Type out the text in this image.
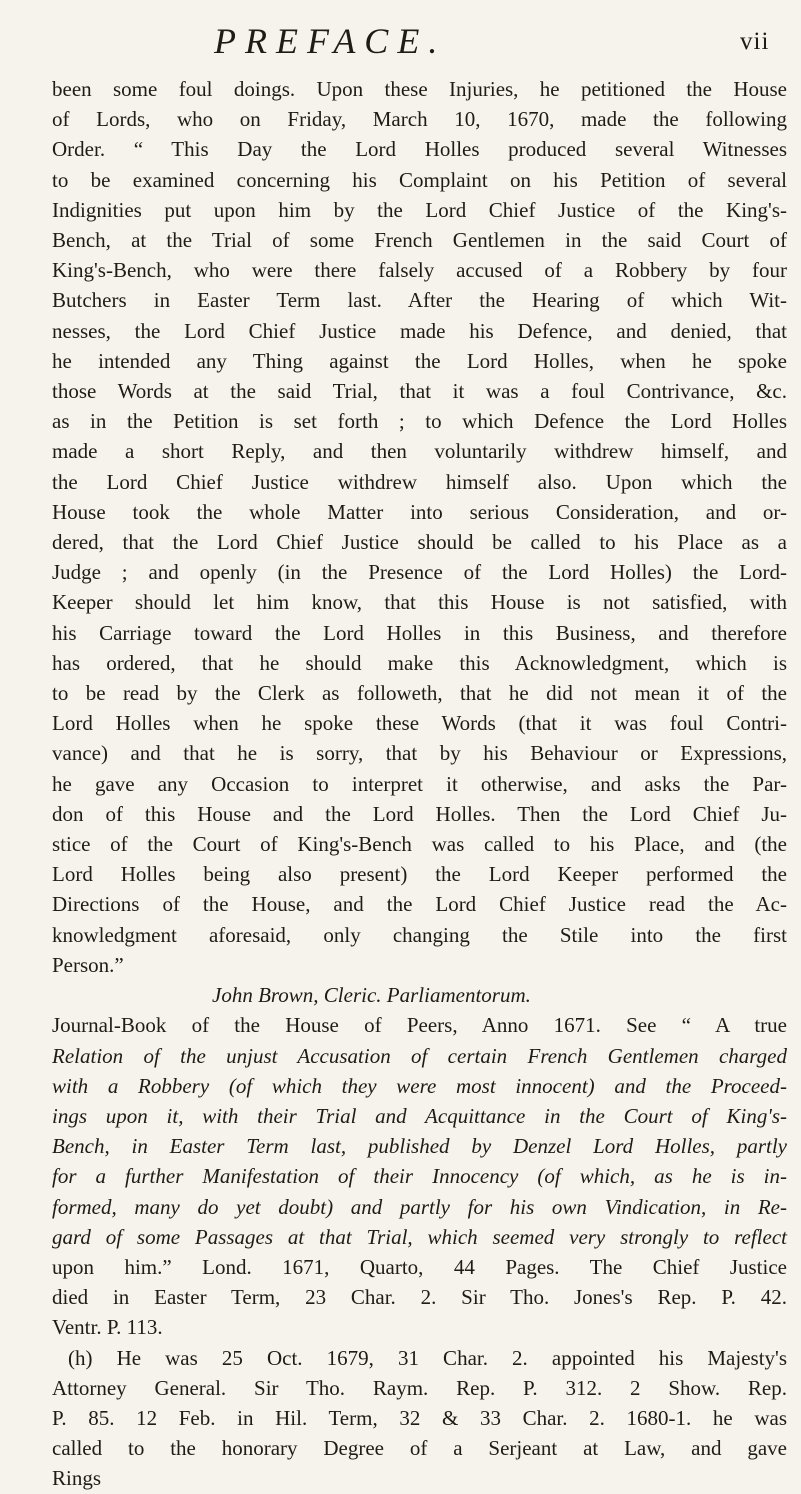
PREFACE.	vii

been some foul doings. Upon these Injuries, he petitioned the House

of Lords, who on Friday, March 10, 1670, made the following

Order. “ This Day the Lord Holles produced several Witnesses

to be examined concerning his Complaint on his Petition of several

Indignities put upon him by the Lord Chief Justice of the King's-

Bench, at the Trial of some French Gentlemen in the said Court of

King's-Bench, who were there falsely accused of a Robbery by four

Butchers in Easter Term last. After the Hearing of which Wit-

nesses, the Lord Chief Justice made his Defence, and denied, that

he intended any Thing against the Lord Holles, when he spoke

those Words at the said Trial, that it was a foul Contrivance, &c.

as in the Petition is set forth ; to which Defence the Lord Holles

made a short Reply, and then voluntarily withdrew himself, and

the Lord Chief Justice withdrew himself also. Upon which the

House took the whole Matter into serious Consideration, and or-

dered, that the Lord Chief Justice should be called to his Place as a

Judge ; and openly (in the Presence of the Lord Holles) the Lord-

Keeper should let him know, that this House is not satisfied, with

his Carriage toward the Lord Holles in this Business, and therefore

has ordered, that he should make this Acknowledgment, which is

to be read by the Clerk as followeth, that he did not mean it of the

Lord Holles when he spoke these Words (that it was foul Contri-

vance) and that he is sorry, that by his Behaviour or Expressions,

he gave any Occasion to interpret it otherwise, and asks the Par-

don of this House and the Lord Holles. Then the Lord Chief Ju-

stice of the Court of King's-Bench was called to his Place, and (the

Lord Holles being also present) the Lord Keeper performed the

Directions of the House, and the Lord Chief Justice read the Ac-

knowledgment aforesaid, only changing the Stile into the first

Person.”

John Brown, Cleric. Parliamentorum.

Journal-Book of the House of Peers, Anno 1671. See “ A true

Relation of the unjust Accusation of certain French Gentlemen charged

with a Robbery (of which they were most innocent) and the Proceed-

ings upon it, with their Trial and Acquittance in the Court of King's-

Bench, in Easter Term last, published by Denzel Lord Holles, partly

for a further Manifestation of their Innocency (of which, as he is in-

formed, many do yet doubt) and partly for his own Vindication, in Re-

gard of some Passages at that Trial, which seemed very strongly to reflect

upon him.” Lond. 1671, Quarto, 44 Pages. The Chief Justice

died in Easter Term, 23 Char. 2. Sir Tho. Jones's Rep. P. 42.

Ventr. P. 113.

(h) He was 25 Oct. 1679, 31 Char. 2. appointed his Majesty's

Attorney General. Sir Tho. Raym. Rep. P. 312. 2 Show. Rep.

P. 85. 12 Feb. in Hil. Term, 32 & 33 Char. 2. 1680-1. he was

called to the honorary Degree of a Serjeant at Law, and gave

Rings
